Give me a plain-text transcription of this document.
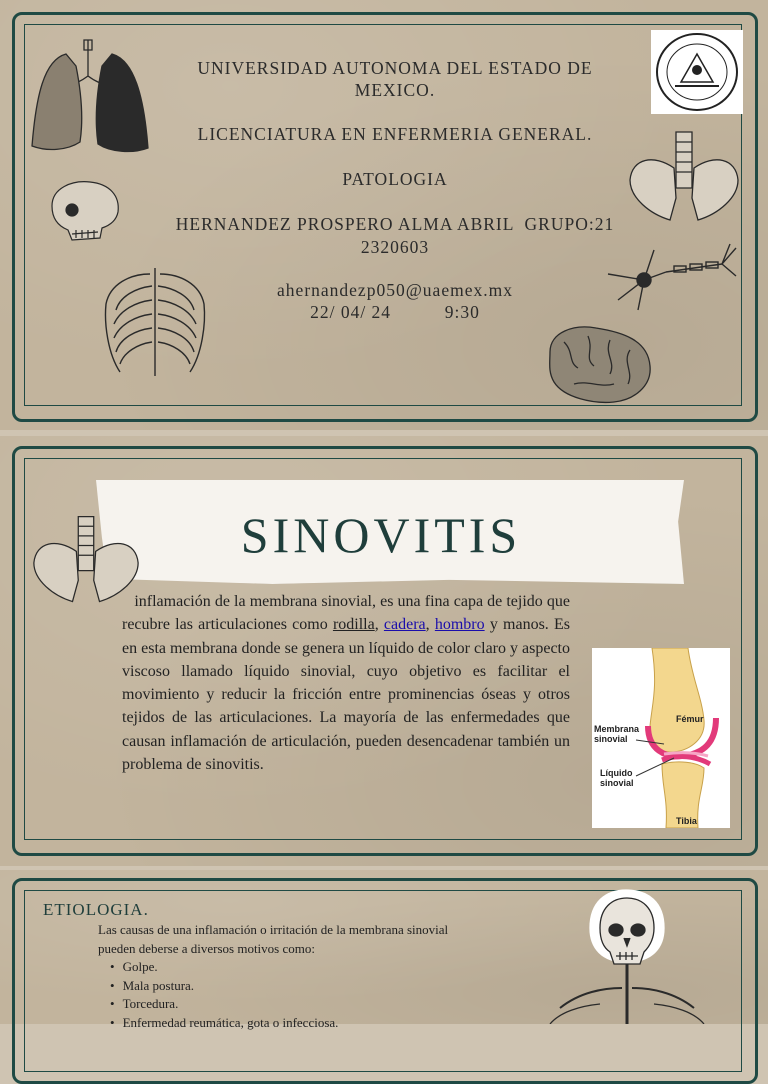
UNIVERSIDAD AUTONOMA DEL ESTADO DE MEXICO.
LICENCIATURA EN ENFERMERIA GENERAL.
PATOLOGIA
HERNANDEZ PROSPERO ALMA ABRIL  GRUPO:21
2320603
ahernandezp050@uaemex.mx
22/ 04/ 24          9:30
SINOVITIS
inflamación de la membrana sinovial, es una fina capa de tejido que recubre las articulaciones como rodilla, cadera, hombro y manos. Es en esta membrana donde se genera un líquido de color claro y aspecto viscoso llamado líquido sinovial, cuyo objetivo es facilitar el movimiento y reducir la fricción entre prominencias óseas y otros tejidos de las articulaciones. La mayoría de las enfermedades que causan inflamación de articulación, pueden desencadenar también un problema de sinovitis.
Fémur
Membrana
sinovial
Líquido
sinovial
Tibia
ETIOLOGIA.
Las causas de una inflamación o irritación de la membrana sinovial pueden deberse a diversos motivos como:
• Golpe.
• Mala postura.
• Torcedura.
• Enfermedad reumática, gota o infecciosa.
